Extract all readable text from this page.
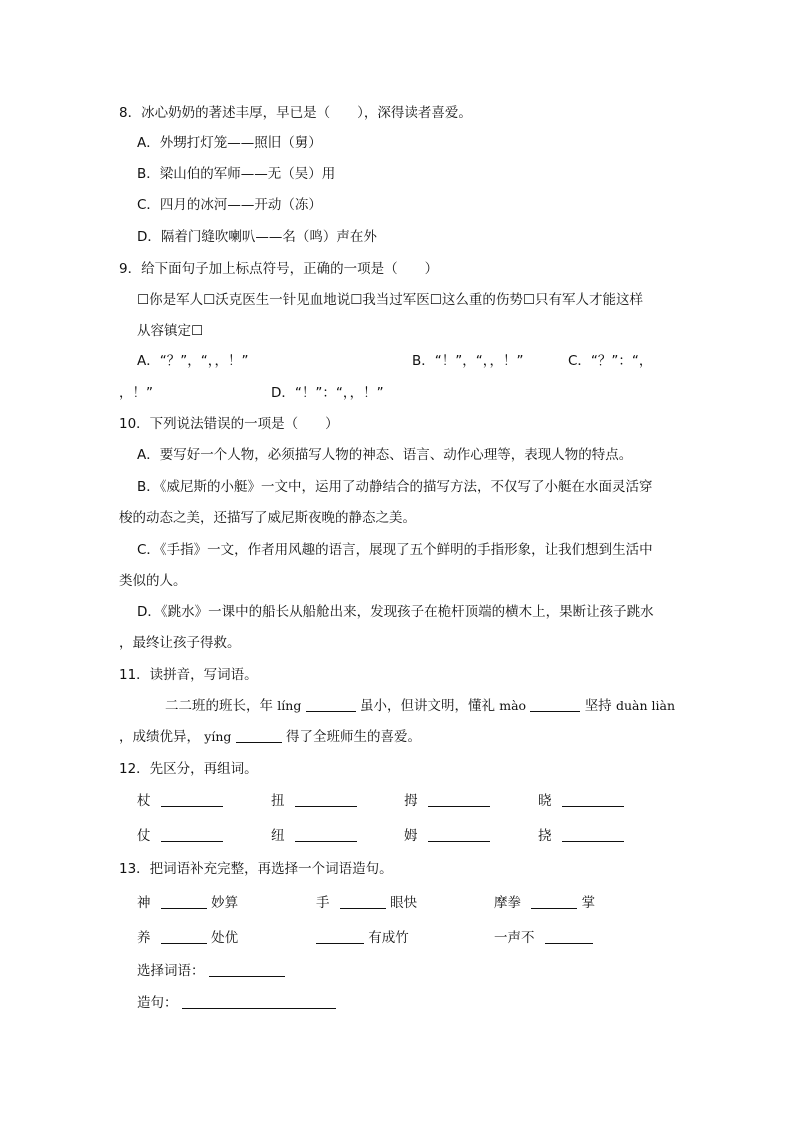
8．冰心奶奶的著述丰厚，早已是（　　），深得读者喜爱。
A．外甥打灯笼——照旧（舅）
B．梁山伯的军师——无（吴）用
C．四月的冰河——开动（冻）
D．隔着门缝吹喇叭——名（鸣）声在外
9．给下面句子加上标点符号，正确的一项是（　　）
☐你是军人☐沃克医生一针见血地说☐我当过军医☐这么重的伤势☐只有军人才能这样
从容镇定☐
A．“？”，“，，！”	B．“！”，“，，！”	C．“？”：“，
，！”	D．“！”：“，，！”
10．下列说法错误的一项是（　　）
A．要写好一个人物，必须描写人物的神态、语言、动作心理等，表现人物的特点。
B．《威尼斯的小艇》一文中，运用了动静结合的描写方法，不仅写了小艇在水面灵活穿
梭的动态之美，还描写了威尼斯夜晚的静态之美。
C．《手指》一文，作者用风趣的语言，展现了五个鲜明的手指形象，让我们想到生活中
类似的人。
D．《跳水》一课中的船长从船舱出来，发现孩子在桅杆顶端的横木上，果断让孩子跳水
，最终让孩子得救。
11．读拼音，写词语。
二二班的班长，年 líng	虽小，但讲文明，懂礼 mào	坚持 duàn liàn
，成绩优异， yíng	得了全班师生的喜爱。
12．先区分，再组词。
杖	扭	拇	晓
仗	纽	姆	挠
13．把词语补充完整，再选择一个词语造句。
神	妙算	手	眼快	摩拳	掌
养	处优	有成竹	一声不
选择词语：
造句：
